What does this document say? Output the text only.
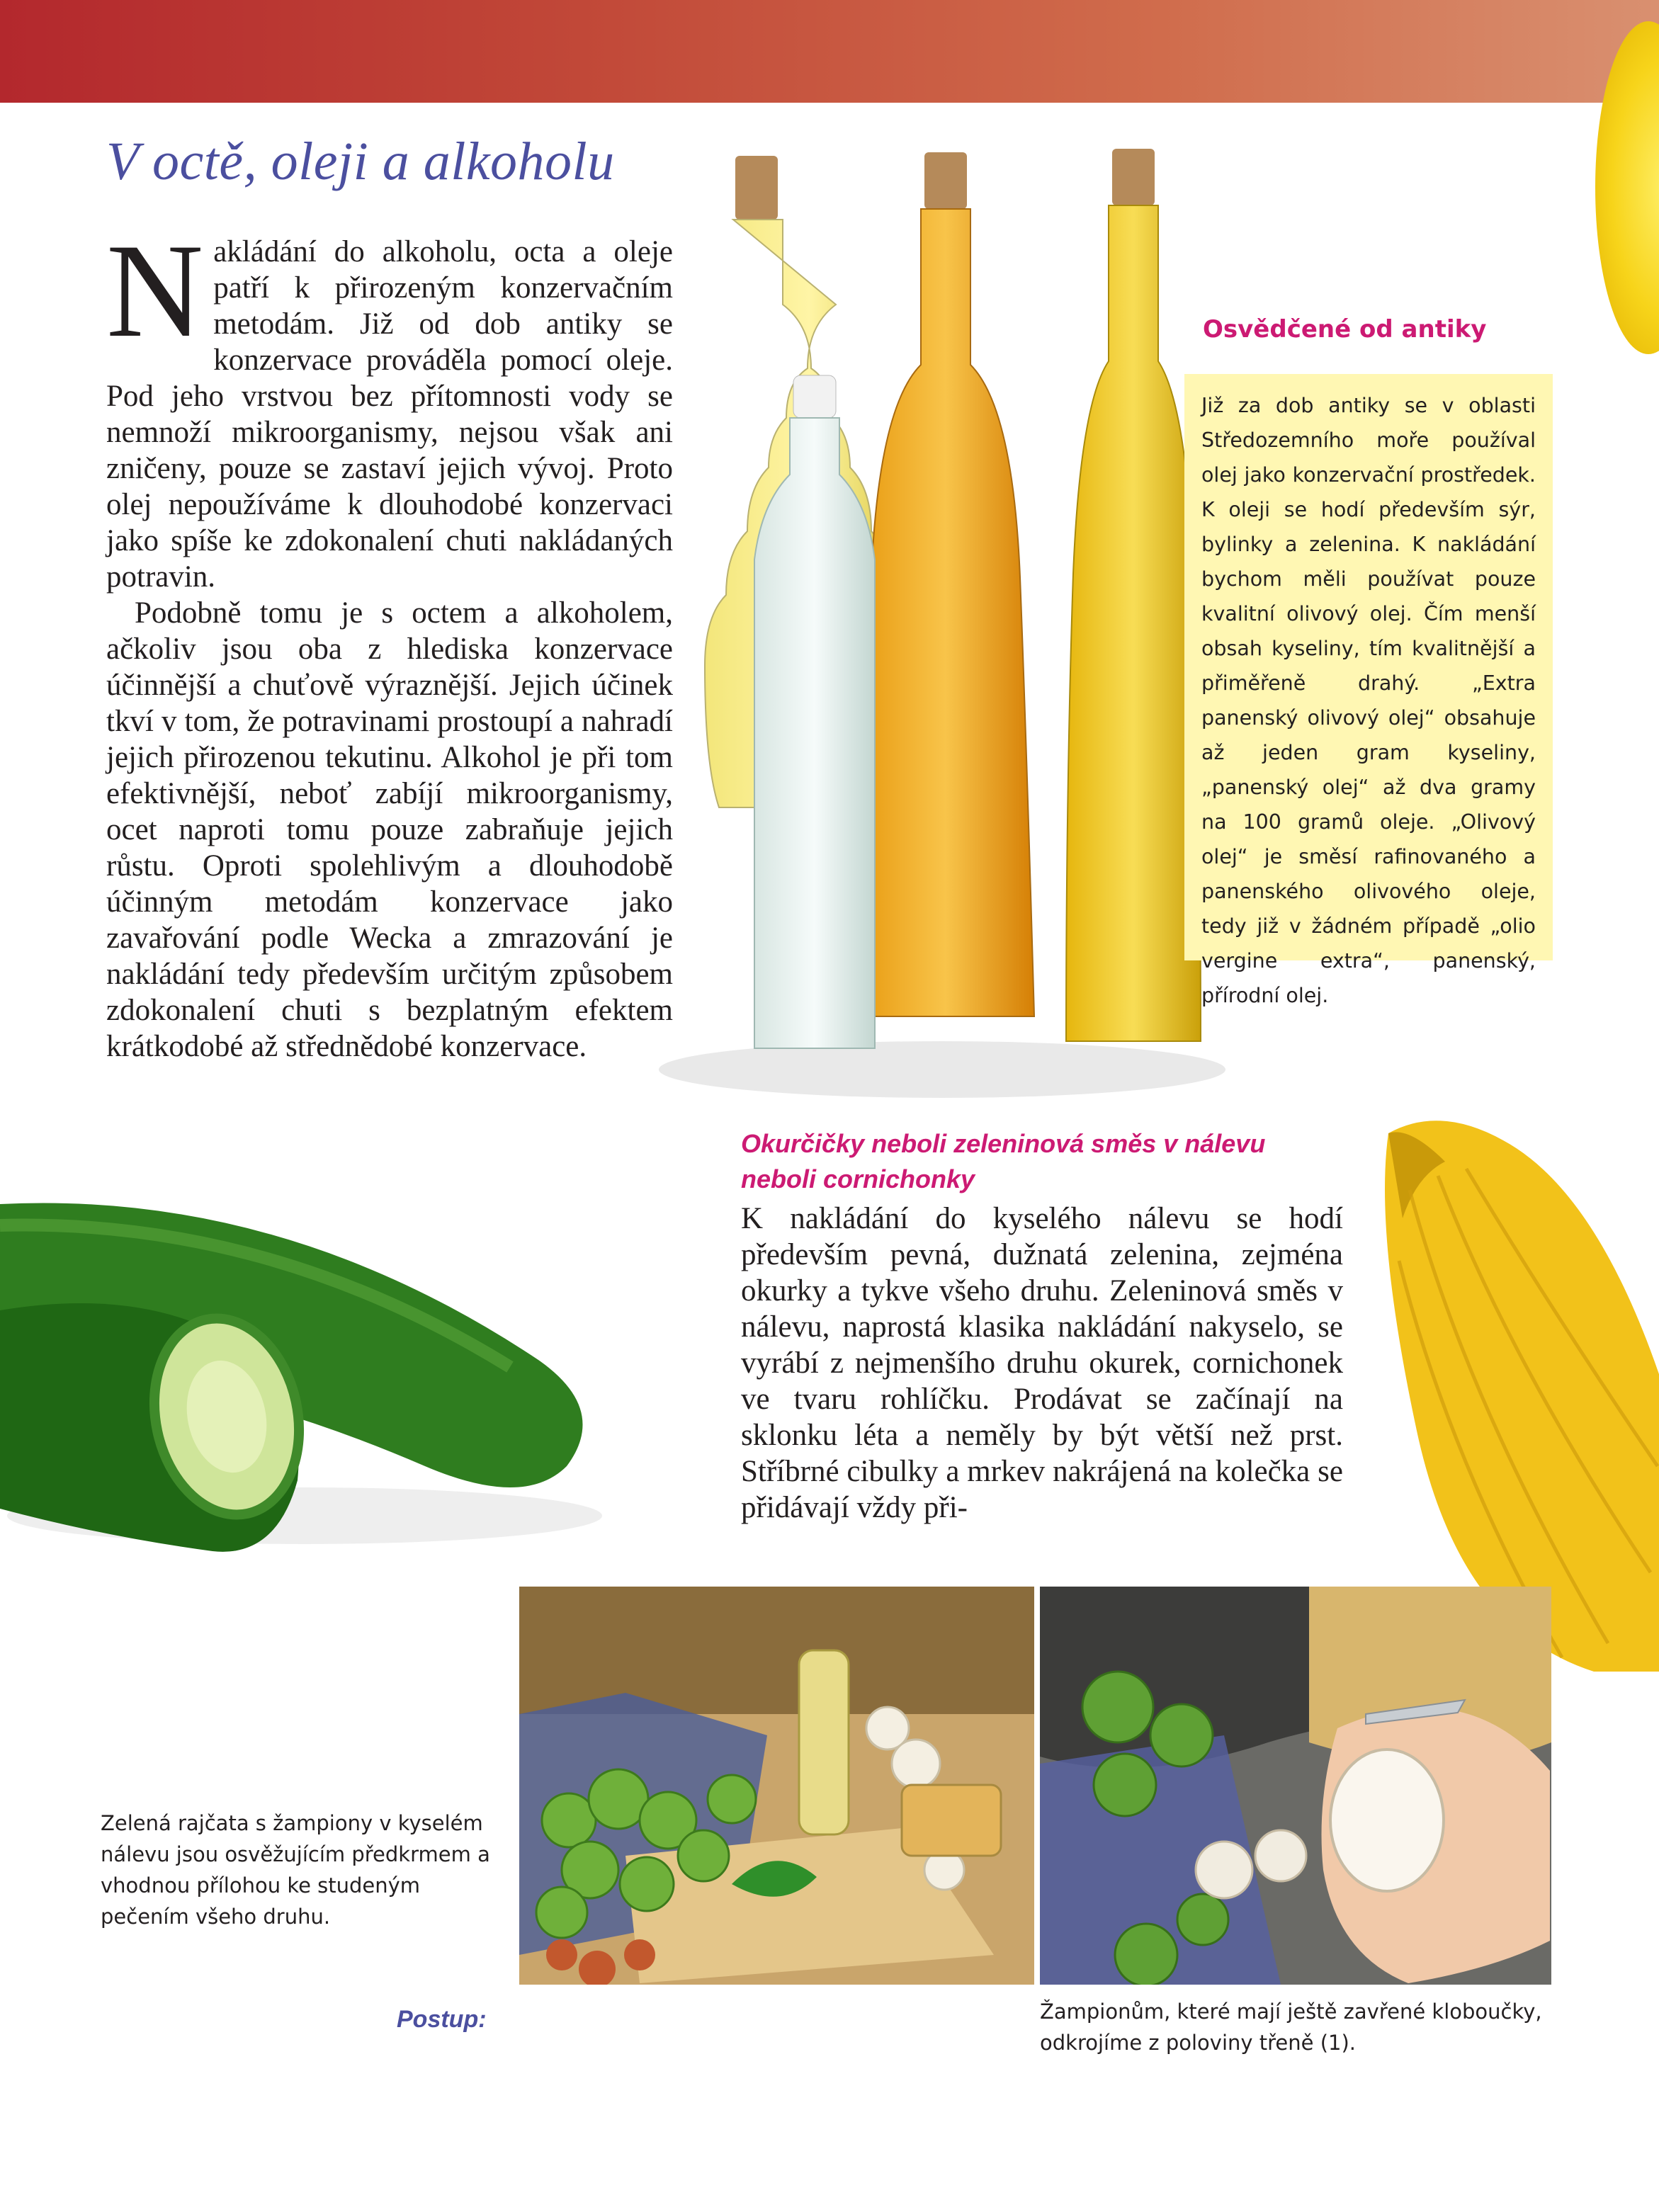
V octě, oleji a alkoholu

Nakládání do alkoholu, octa a oleje patří k přirozeným konzervačním metodám. Již od dob antiky se konzervace prováděla pomocí oleje. Pod jeho vrstvou bez přítomnosti vody se nemnoží mikroorganismy, nejsou však ani zničeny, pouze se zastaví jejich vývoj. Proto olej nepoužíváme k dlouhodobé konzervaci jako spíše ke zdokonalení chuti nakládaných potravin.

Podobně tomu je s octem a alkoholem, ačkoliv jsou oba z hlediska konzervace účinnější a chuťově výraznější. Jejich účinek tkví v tom, že potravinami prostoupí a nahradí jejich přirozenou tekutinu. Alkohol je při tom efektivnější, neboť zabíjí mikroorganismy, ocet naproti tomu pouze zabraňuje jejich růstu. Oproti spolehlivým a dlouhodobě účinným metodám konzervace jako zavařování podle Wecka a zmrazování je nakládání tedy především určitým způsobem zdokonalení chuti s bezplatným efektem krátkodobé až střednědobé konzervace.

Osvědčené od antiky
Již za dob antiky se v oblasti Středozemního moře používal olej jako konzervační prostředek. K oleji se hodí především sýr, bylinky a zelenina. K nakládání bychom měli používat pouze kvalitní olivový olej. Čím menší obsah kyseliny, tím kvalitnější a přiměřeně drahý. „Extra panenský olivový olej“ obsahuje až jeden gram kyseliny, „panenský olej“ až dva gramy na 100 gramů oleje. „Olivový olej“ je směsí rafinovaného a panenského olivového oleje, tedy již v žádném případě „olio vergine extra“, panenský, přírodní olej.
Okurčičky neboli zeleninová směs v nálevu neboli cornichonky
K nakládání do kyselého nálevu se hodí především pevná, dužnatá zelenina, zejména okurky a tykve všeho druhu. Zeleninová směs v nálevu, naprostá klasika nakládání nakyselo, se vyrábí z nejmenšího druhu okurek, cornichonek ve tvaru rohlíčku. Prodávat se začínají na sklonku léta a neměly by být větší než prst. Stříbrné cibulky a mrkev nakrájená na kolečka se přidávají vždy při-
Zelená rajčata s žampiony v kyselém nálevu jsou osvěžujícím předkrmem a vhodnou přílohou ke studeným pečením všeho druhu.
Postup:	Žampionům, které mají ještě zavřené kloboučky, odkrojíme z poloviny třeně (1).
